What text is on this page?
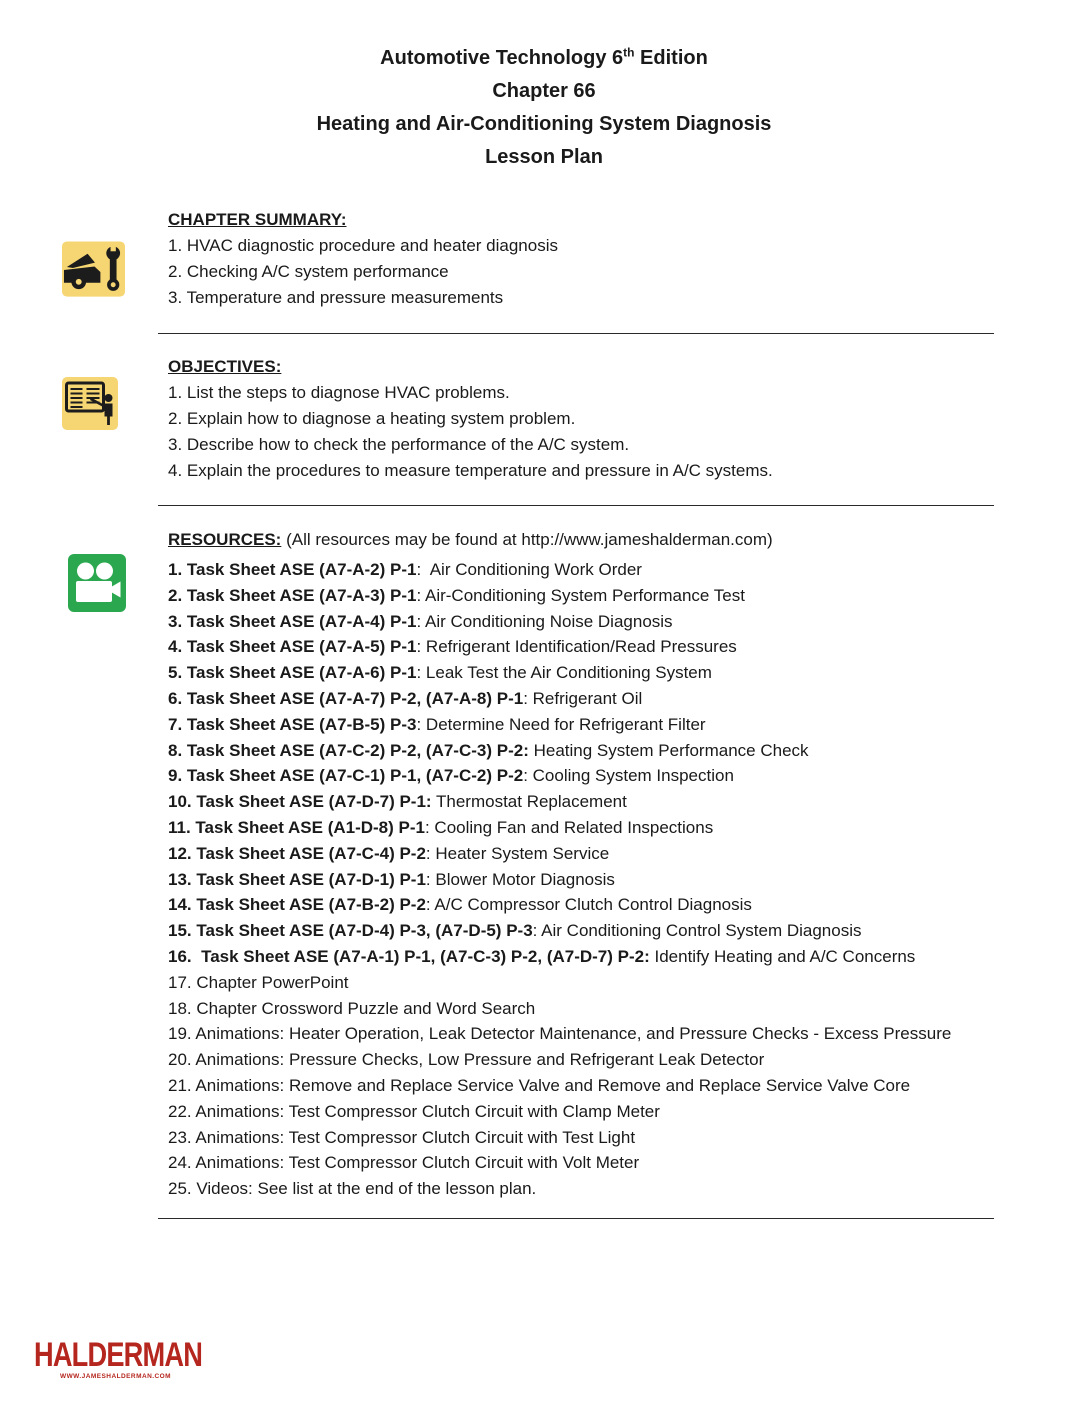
Automotive Technology 6th Edition
Chapter 66
Heating and Air-Conditioning System Diagnosis
Lesson Plan
CHAPTER SUMMARY:
1. HVAC diagnostic procedure and heater diagnosis
2. Checking A/C system performance
3. Temperature and pressure measurements
OBJECTIVES:
1. List the steps to diagnose HVAC problems.
2. Explain how to diagnose a heating system problem.
3. Describe how to check the performance of the A/C system.
4. Explain the procedures to measure temperature and pressure in A/C systems.
RESOURCES: (All resources may be found at http://www.jameshalderman.com)
1. Task Sheet ASE (A7-A-2) P-1:  Air Conditioning Work Order
2. Task Sheet ASE (A7-A-3) P-1: Air-Conditioning System Performance Test
3. Task Sheet ASE (A7-A-4) P-1: Air Conditioning Noise Diagnosis
4. Task Sheet ASE (A7-A-5) P-1: Refrigerant Identification/Read Pressures
5. Task Sheet ASE (A7-A-6) P-1: Leak Test the Air Conditioning System
6. Task Sheet ASE (A7-A-7) P-2, (A7-A-8) P-1: Refrigerant Oil
7. Task Sheet ASE (A7-B-5) P-3: Determine Need for Refrigerant Filter
8. Task Sheet ASE (A7-C-2) P-2, (A7-C-3) P-2: Heating System Performance Check
9. Task Sheet ASE (A7-C-1) P-1, (A7-C-2) P-2: Cooling System Inspection
10. Task Sheet ASE (A7-D-7) P-1: Thermostat Replacement
11. Task Sheet ASE (A1-D-8) P-1: Cooling Fan and Related Inspections
12. Task Sheet ASE (A7-C-4) P-2: Heater System Service
13. Task Sheet ASE (A7-D-1) P-1: Blower Motor Diagnosis
14. Task Sheet ASE (A7-B-2) P-2: A/C Compressor Clutch Control Diagnosis
15. Task Sheet ASE (A7-D-4) P-3, (A7-D-5) P-3: Air Conditioning Control System Diagnosis
16.  Task Sheet ASE (A7-A-1) P-1, (A7-C-3) P-2, (A7-D-7) P-2: Identify Heating and A/C Concerns
17. Chapter PowerPoint
18. Chapter Crossword Puzzle and Word Search
19. Animations: Heater Operation, Leak Detector Maintenance, and Pressure Checks - Excess Pressure
20. Animations: Pressure Checks, Low Pressure and Refrigerant Leak Detector
21. Animations: Remove and Replace Service Valve and Remove and Replace Service Valve Core
22. Animations: Test Compressor Clutch Circuit with Clamp Meter
23. Animations: Test Compressor Clutch Circuit with Test Light
24. Animations: Test Compressor Clutch Circuit with Volt Meter
25. Videos: See list at the end of the lesson plan.
HALDERMAN
WWW.JAMESHALDERMAN.COM
